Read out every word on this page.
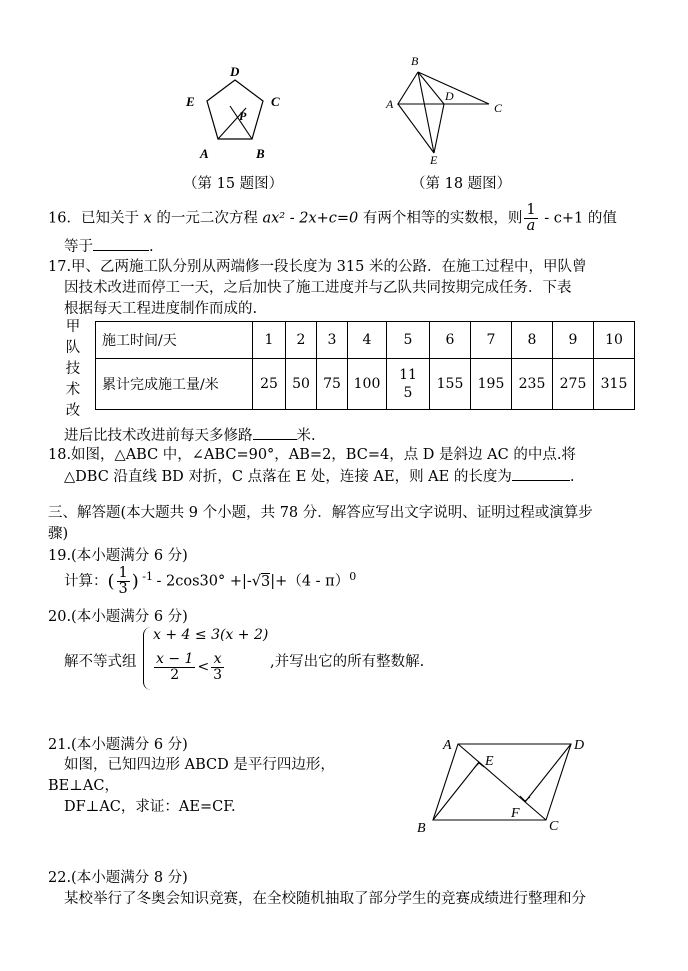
D
E	C
P
A	B
（第 15 题图）
B
A
D
C
E
（第 18 题图）
16．已知关于 x 的一元二次方程 ax² - 2x+c=0 有两个相等的实数根，则 $\frac{1}{a} - c+1$ 的值
等于	.
17.甲、乙两施工队分别从两端修一段长度为 315 米的公路．在施工过程中，甲队曾
因技术改进而停工一天，之后加快了施工进度并与乙队共同按期完成任务．下表
根据每天工程进度制作而成的.
甲
队
技
术
改
施工时间/天	1	2	3	4	5	6	7	8	9	10
累计完成施工量/米	25	50	75	100	115	155	195	235	275	315
进后比技术改进前每天多修路	米.
18.如图，△ABC 中，∠ABC=90°，AB=2，BC=4，点 D 是斜边 AC 的中点.将
△DBC 沿直线 BD 对折，C 点落在 E 处，连接 AE，则 AE 的长度为	.
三、解答题(本大题共 9 个小题，共 78 分．解答应写出文字说明、证明过程或演算步
骤)
19.(本小题满分 6 分)
计算：( $\frac{1}{3}$ ) $^{-1}$ - 2cos30° +|-√3|+（4 - π）$^0$
20.(本小题满分 6 分)
解不等式组
x + 4 ≤ 3(x + 2)
$\frac{x - 1}{2} < \frac{x}{3}$	,并写出它的所有整数解.
21.(本小题满分 6 分)
如图，已知四边形 ABCD 是平行四边形，
BE⊥AC，
DF⊥AC，求证：AE=CF.
A	D
E
F
B	C
22.(本小题满分 8 分)
某校举行了冬奥会知识竞赛，在全校随机抽取了部分学生的竞赛成绩进行整理和分
